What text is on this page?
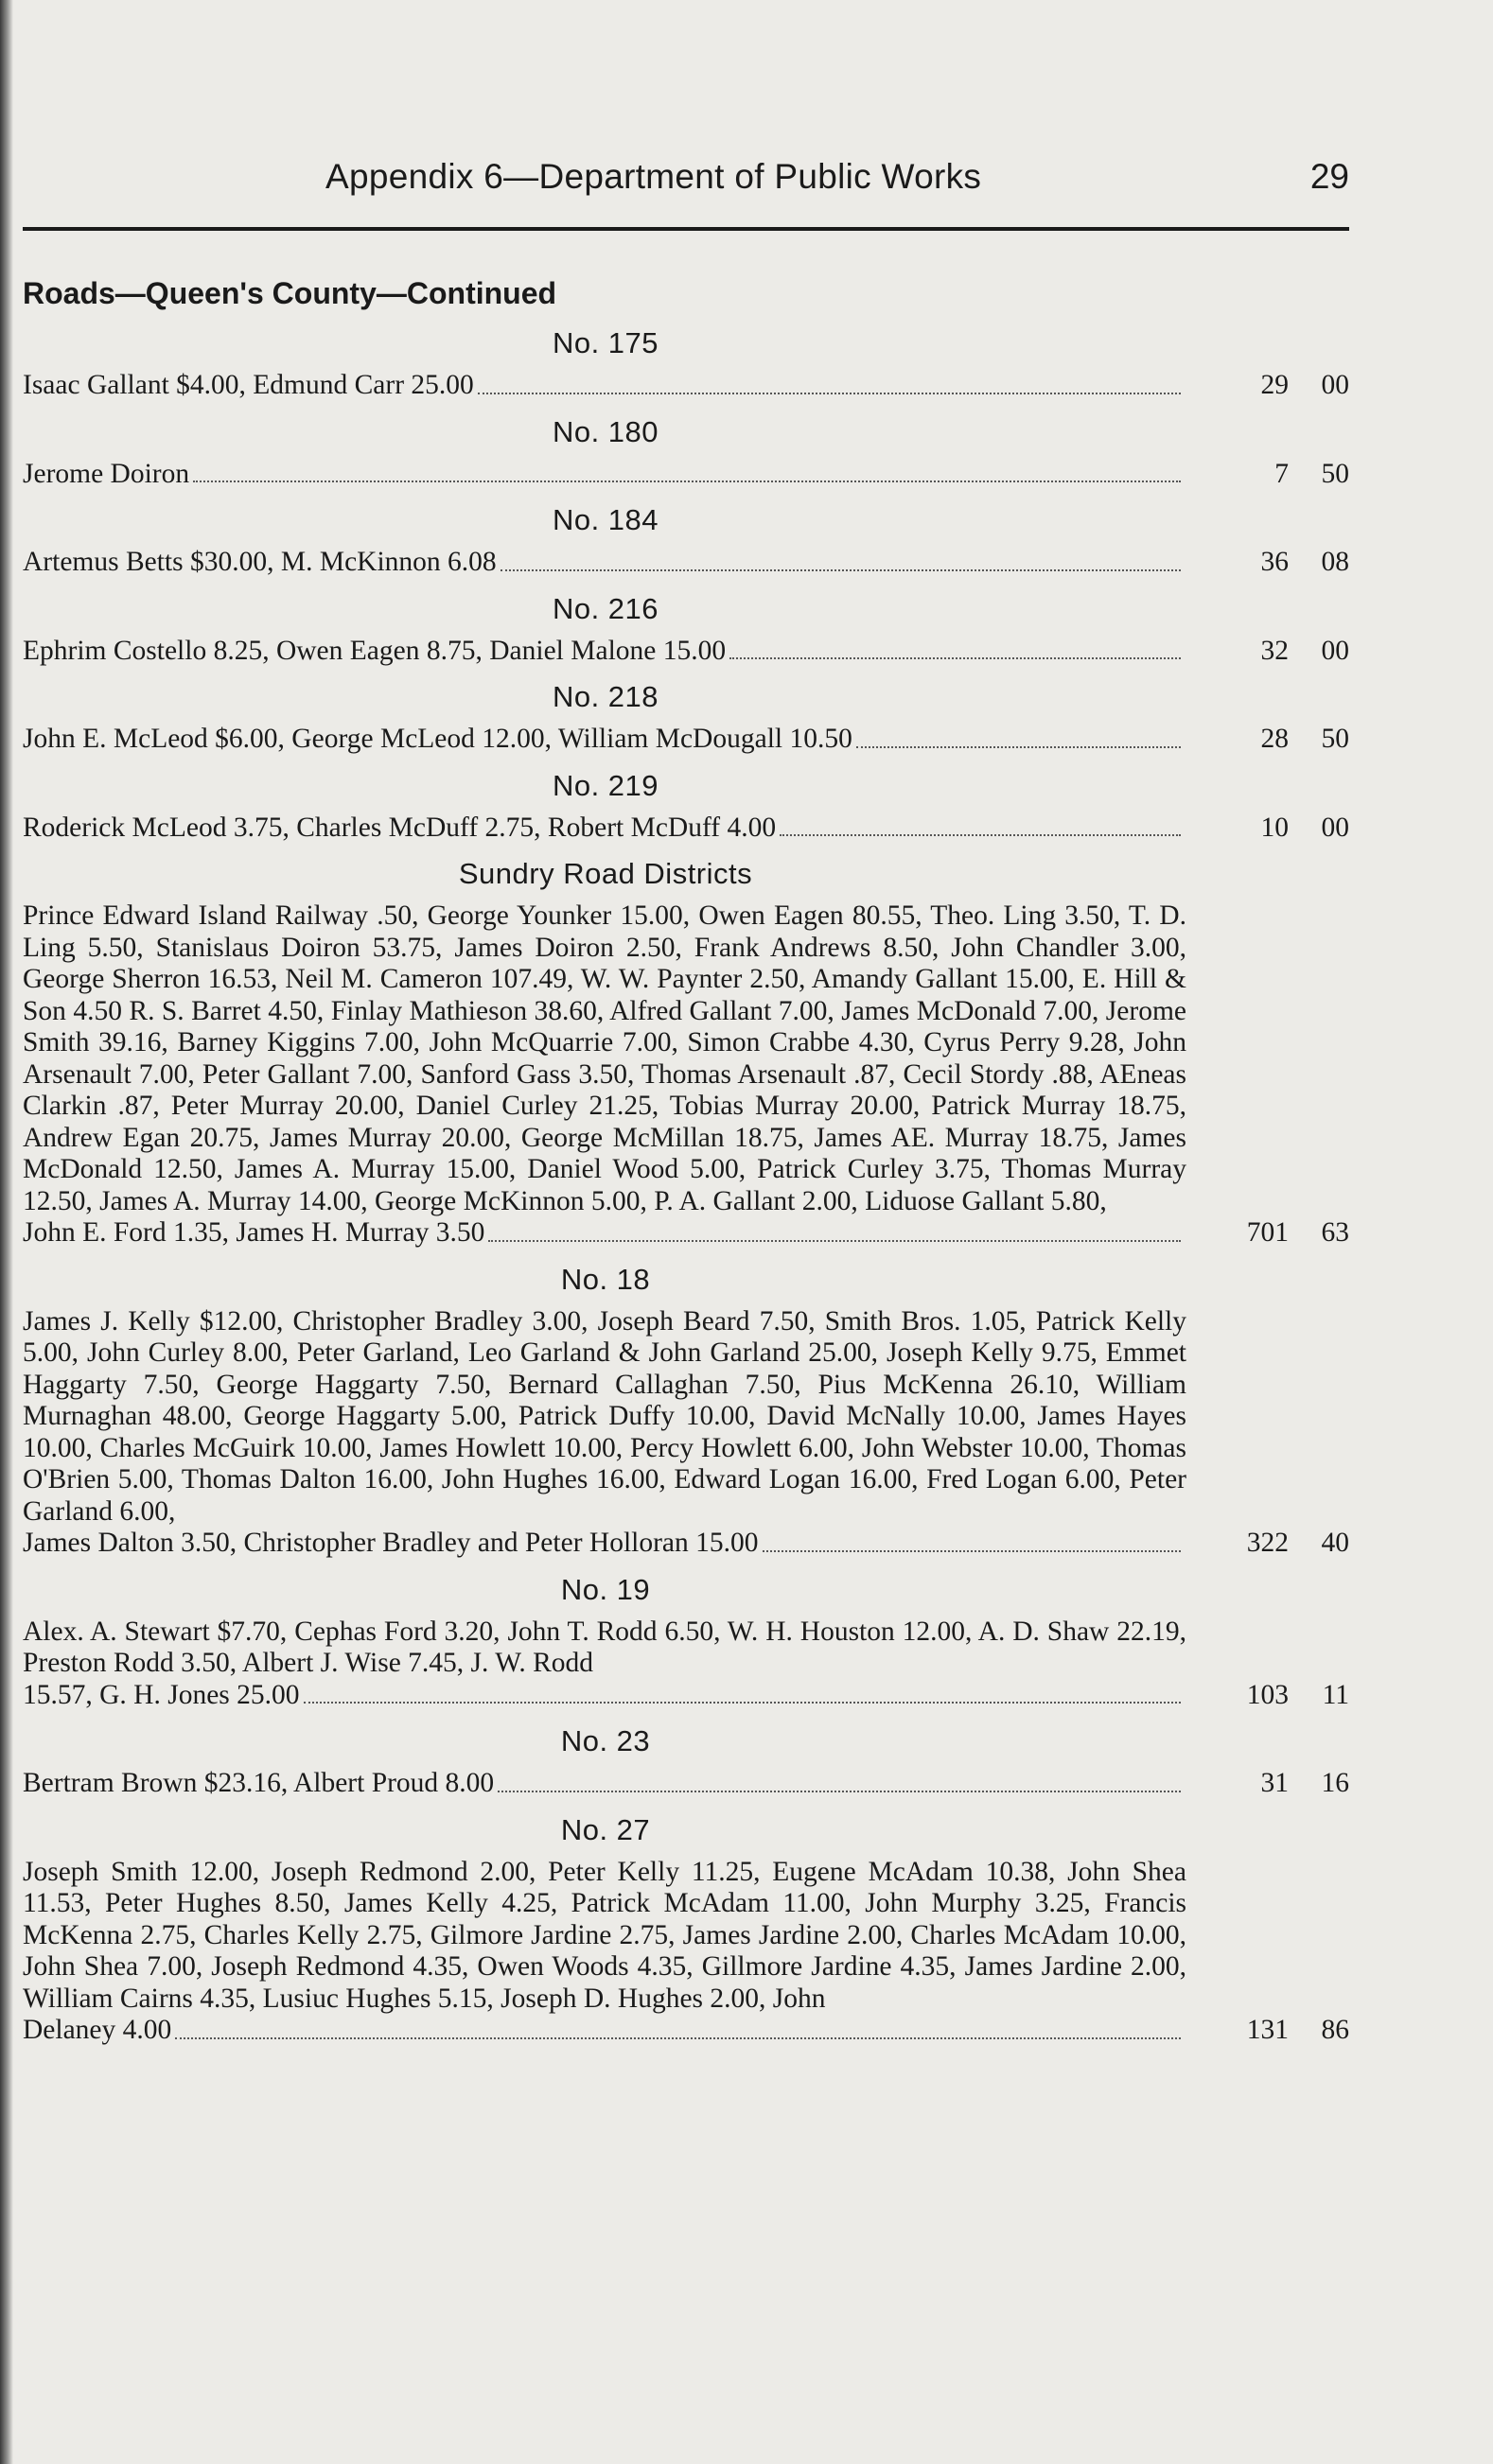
Appendix 6—Department of Public Works	29
Roads—Queen's County—Continued
No. 175
Isaac Gallant $4.00, Edmund Carr 25.00	29	00
No. 180
Jerome Doiron	7	50
No. 184
Artemus Betts $30.00, M. McKinnon 6.08	36	08
No. 216
Ephrim Costello 8.25, Owen Eagen 8.75, Daniel Malone 15.00	32	00
No. 218
John E. McLeod $6.00, George McLeod 12.00, William McDougall 10.50	28	50
No. 219
Roderick McLeod 3.75, Charles McDuff 2.75, Robert McDuff 4.00	10	00
Sundry Road Districts
Prince Edward Island Railway .50, George Younker 15.00, Owen Eagen 80.55, Theo. Ling 3.50, T. D. Ling 5.50, Stanislaus Doiron 53.75, James Doiron 2.50, Frank Andrews 8.50, John Chandler 3.00, George Sherron 16.53, Neil M. Cameron 107.49, W. W. Paynter 2.50, Amandy Gallant 15.00, E. Hill & Son 4.50 R. S. Barret 4.50, Finlay Mathieson 38.60, Alfred Gallant 7.00, James McDonald 7.00, Jerome Smith 39.16, Barney Kiggins 7.00, John McQuarrie 7.00, Simon Crabbe 4.30, Cyrus Perry 9.28, John Arsenault 7.00, Peter Gallant 7.00, Sanford Gass 3.50, Thomas Arsenault .87, Cecil Stordy .88, AEneas Clarkin .87, Peter Murray 20.00, Daniel Curley 21.25, Tobias Murray 20.00, Patrick Murray 18.75, Andrew Egan 20.75, James Murray 20.00, George McMillan 18.75, James AE. Murray 18.75, James McDonald 12.50, James A. Murray 15.00, Daniel Wood 5.00, Patrick Curley 3.75, Thomas Murray 12.50, James A. Murray 14.00, George McKinnon 5.00, P. A. Gallant 2.00, Liduose Gallant 5.80,
John E. Ford 1.35, James H. Murray 3.50	701	63
No. 18
James J. Kelly $12.00, Christopher Bradley 3.00, Joseph Beard 7.50, Smith Bros. 1.05, Patrick Kelly 5.00, John Curley 8.00, Peter Garland, Leo Garland & John Garland 25.00, Joseph Kelly 9.75, Emmet Haggarty 7.50, George Haggarty 7.50, Bernard Callaghan 7.50, Pius McKenna 26.10, William Murnaghan 48.00, George Haggarty 5.00, Patrick Duffy 10.00, David McNally 10.00, James Hayes 10.00, Charles McGuirk 10.00, James Howlett 10.00, Percy Howlett 6.00, John Webster 10.00, Thomas O'Brien 5.00, Thomas Dalton 16.00, John Hughes 16.00, Edward Logan 16.00, Fred Logan 6.00, Peter Garland 6.00,
James Dalton 3.50, Christopher Bradley and Peter Holloran 15.00	322	40
No. 19
Alex. A. Stewart $7.70, Cephas Ford 3.20, John T. Rodd 6.50, W. H. Houston 12.00, A. D. Shaw 22.19, Preston Rodd 3.50, Albert J. Wise 7.45, J. W. Rodd
15.57, G. H. Jones 25.00	103	11
No. 23
Bertram Brown $23.16, Albert Proud 8.00	31	16
No. 27
Joseph Smith 12.00, Joseph Redmond 2.00, Peter Kelly 11.25, Eugene McAdam 10.38, John Shea 11.53, Peter Hughes 8.50, James Kelly 4.25, Patrick McAdam 11.00, John Murphy 3.25, Francis McKenna 2.75, Charles Kelly 2.75, Gilmore Jardine 2.75, James Jardine 2.00, Charles McAdam 10.00, John Shea 7.00, Joseph Redmond 4.35, Owen Woods 4.35, Gillmore Jardine 4.35, James Jardine 2.00, William Cairns 4.35, Lusiuc Hughes 5.15, Joseph D. Hughes 2.00, John
Delaney 4.00	131	86
